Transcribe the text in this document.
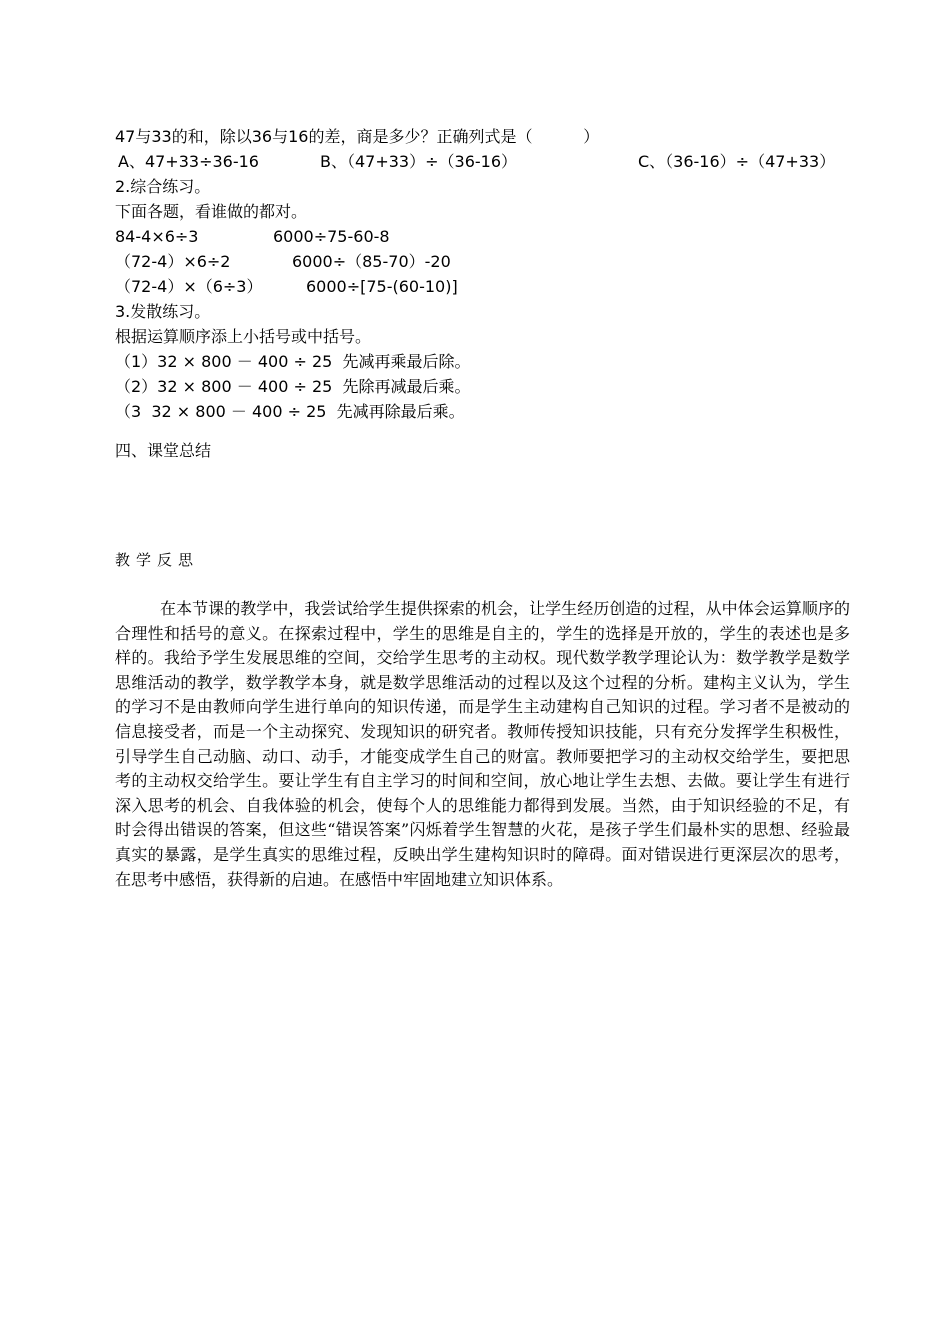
47与33的和，除以36与16的差，商是多少？正确列式是（          ）
A、47+33÷36-16	B、（47+33）÷（36-16）	C、（36-16）÷（47+33）
2.综合练习。
下面各题，看谁做的都对。
84-4×6÷3	6000÷75-60-8
（72-4）×6÷2	6000÷（85-70）-20
（72-4）×（6÷3）	6000÷[75-(60-10)]
3.发散练习。
根据运算顺序添上小括号或中括号。
（1）32 × 800 － 400 ÷ 25  先减再乘最后除。
（2）32 × 800 － 400 ÷ 25  先除再减最后乘。
（3  32 × 800 － 400 ÷ 25  先减再除最后乘。
四、课堂总结
教学反思
在本节课的教学中，我尝试给学生提供探索的机会，让学生经历创造的过程，从中体会运算顺序的合理性和括号的意义。在探索过程中，学生的思维是自主的，学生的选择是开放的，学生的表述也是多样的。我给予学生发展思维的空间，交给学生思考的主动权。现代数学教学理论认为：数学教学是数学思维活动的教学，数学教学本身，就是数学思维活动的过程以及这个过程的分析。建构主义认为，学生的学习不是由教师向学生进行单向的知识传递，而是学生主动建构自己知识的过程。学习者不是被动的信息接受者，而是一个主动探究、发现知识的研究者。教师传授知识技能，只有充分发挥学生积极性，引导学生自己动脑、动口、动手，才能变成学生自己的财富。教师要把学习的主动权交给学生，要把思考的主动权交给学生。要让学生有自主学习的时间和空间，放心地让学生去想、去做。要让学生有进行深入思考的机会、自我体验的机会，使每个人的思维能力都得到发展。当然，由于知识经验的不足，有时会得出错误的答案，但这些“错误答案”闪烁着学生智慧的火花，是孩子学生们最朴实的思想、经验最真实的暴露，是学生真实的思维过程，反映出学生建构知识时的障碍。面对错误进行更深层次的思考，在思考中感悟，获得新的启迪。在感悟中牢固地建立知识体系。
